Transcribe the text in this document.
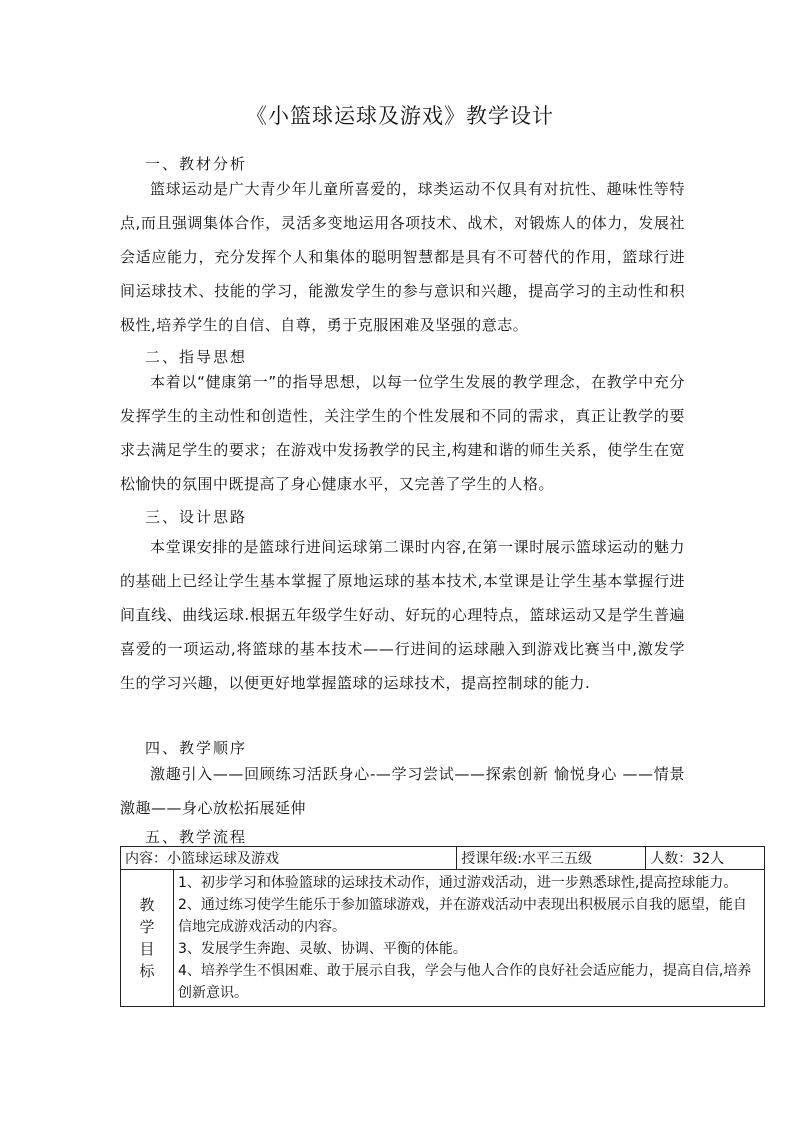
《小篮球运球及游戏》教学设计
一、教材分析
篮球运动是广大青少年儿童所喜爱的，球类运动不仅具有对抗性、趣味性等特点,而且强调集体合作，灵活多变地运用各项技术、战术，对锻炼人的体力，发展社会适应能力，充分发挥个人和集体的聪明智慧都是具有不可替代的作用，篮球行进间运球技术、技能的学习，能激发学生的参与意识和兴趣，提高学习的主动性和积极性,培养学生的自信、自尊，勇于克服困难及坚强的意志。
二、指导思想
本着以“健康第一”的指导思想，以每一位学生发展的教学理念，在教学中充分发挥学生的主动性和创造性，关注学生的个性发展和不同的需求，真正让教学的要求去满足学生的要求；在游戏中发扬教学的民主,构建和谐的师生关系，使学生在宽松愉快的氛围中既提高了身心健康水平，又完善了学生的人格。
三、设计思路
本堂课安排的是篮球行进间运球第二课时内容,在第一课时展示篮球运动的魅力的基础上已经让学生基本掌握了原地运球的基本技术,本堂课是让学生基本掌握行进间直线、曲线运球.根据五年级学生好动、好玩的心理特点，篮球运动又是学生普遍喜爱的一项运动,将篮球的基本技术——行进间的运球融入到游戏比赛当中,激发学生的学习兴趣，以便更好地掌握篮球的运球技术，提高控制球的能力.
四、教学顺序
激趣引入——回顾练习活跃身心-—学习尝试——探索创新 愉悦身心 ——情景激趣——身心放松拓展延伸
五、教学流程
内容：小篮球运球及游戏		授课年级:水平三五级	人数：32人
教学目标	1、初步学习和体验篮球的运球技术动作，通过游戏活动，进一步熟悉球性,提高控球能力。
2、通过练习使学生能乐于参加篮球游戏，并在游戏活动中表现出积极展示自我的愿望，能自信地完成游戏活动的内容。
3、发展学生奔跑、灵敏、协调、平衡的体能。
4、培养学生不惧困难、敢于展示自我，学会与他人合作的良好社会适应能力，提高自信,培养创新意识。		
